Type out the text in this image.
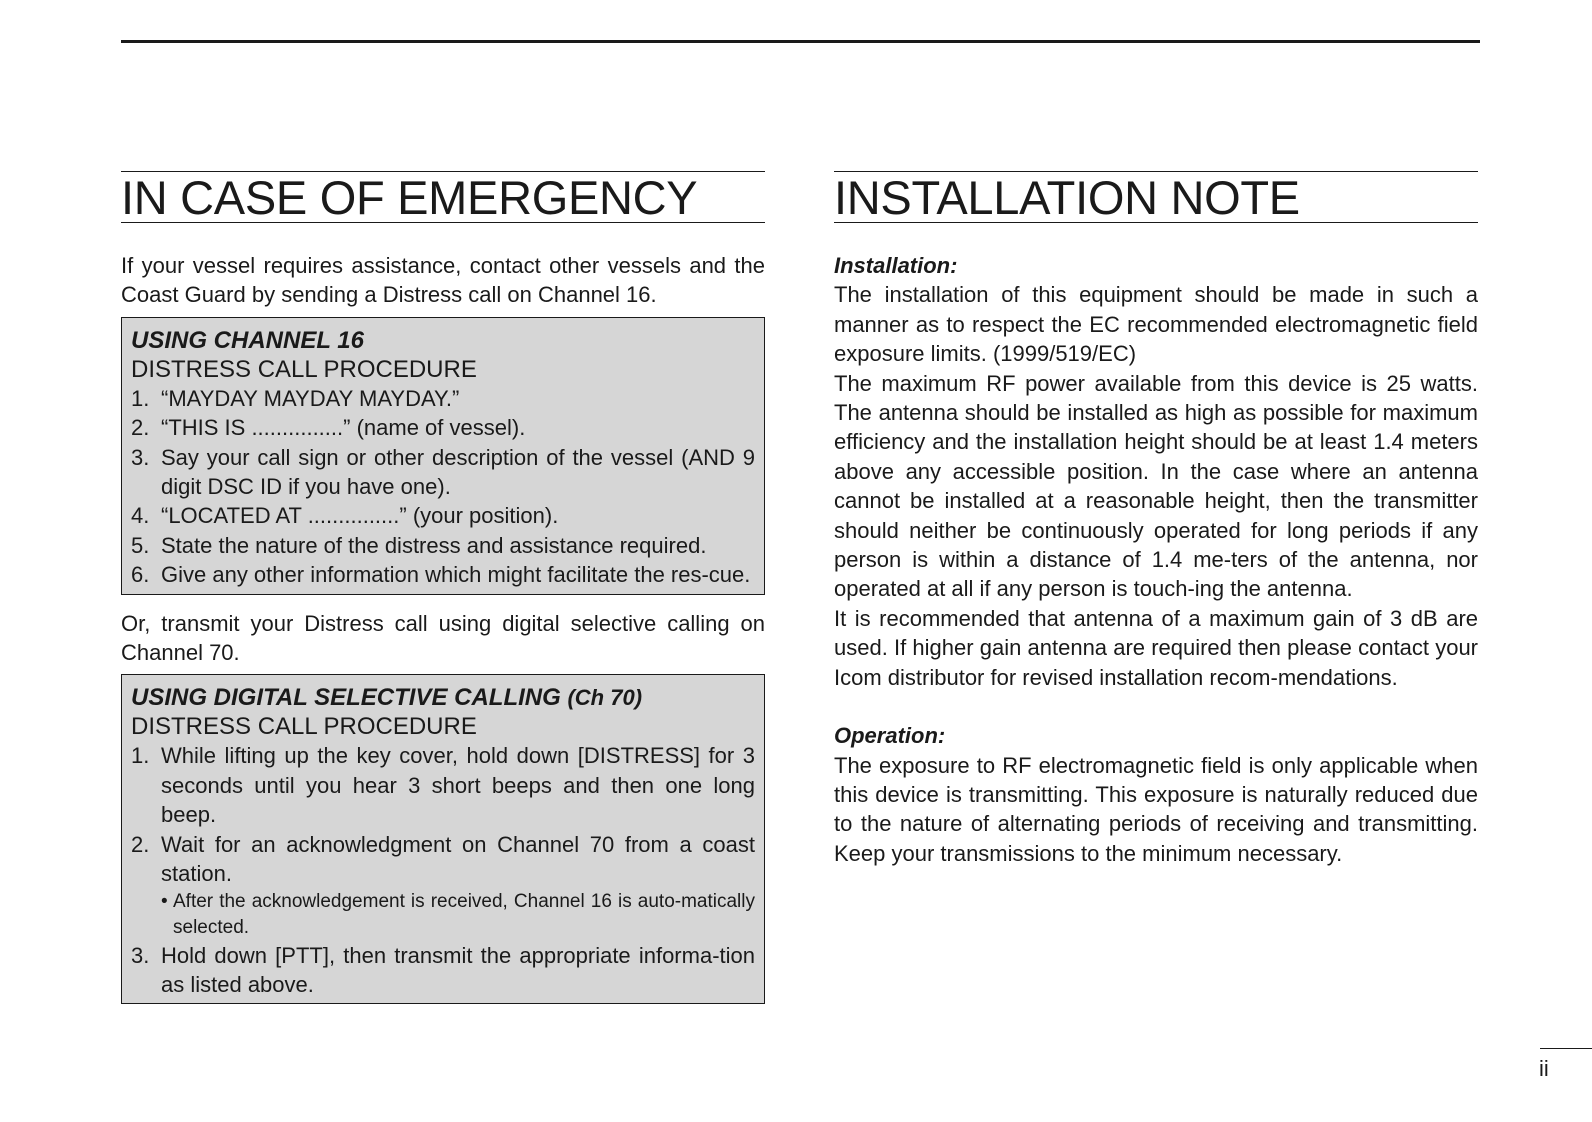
IN CASE OF EMERGENCY

If your vessel requires assistance, contact other vessels and the Coast Guard by sending a Distress call on Channel 16.

USING CHANNEL 16
DISTRESS CALL PROCEDURE
1. “MAYDAY MAYDAY MAYDAY.”
2. “THIS IS ...............” (name of vessel).
3. Say your call sign or other description of the vessel (AND 9 digit DSC ID if you have one).
4. “LOCATED AT ...............” (your position).
5. State the nature of the distress and assistance required.
6. Give any other information which might facilitate the res-cue.

Or, transmit your Distress call using digital selective calling on Channel 70.

USING DIGITAL SELECTIVE CALLING (Ch 70)
DISTRESS CALL PROCEDURE
1. While lifting up the key cover, hold down [DISTRESS] for 3 seconds until you hear 3 short beeps and then one long beep.
2. Wait for an acknowledgment on Channel 70 from a coast station.
• After the acknowledgement is received, Channel 16 is auto-matically selected.
3. Hold down [PTT], then transmit the appropriate informa-tion as listed above.
INSTALLATION NOTE

Installation:

The installation of this equipment should be made in such a manner as to respect the EC recommended electromagnetic field exposure limits. (1999/519/EC)

The maximum RF power available from this device is 25 watts. The antenna should be installed as high as possible for maximum efficiency and the installation height should be at least 1.4 meters above any accessible position. In the case where an antenna cannot be installed at a reasonable height, then the transmitter should neither be continuously operated for long periods if any person is within a distance of 1.4 me-ters of the antenna, nor operated at all if any person is touch-ing the antenna.

It is recommended that antenna of a maximum gain of 3 dB are used. If higher gain antenna are required then please contact your Icom distributor for revised installation recom-mendations.

Operation:

The exposure to RF electromagnetic field is only applicable when this device is transmitting. This exposure is naturally reduced due to the nature of alternating periods of receiving and transmitting. Keep your transmissions to the minimum necessary.

ii
